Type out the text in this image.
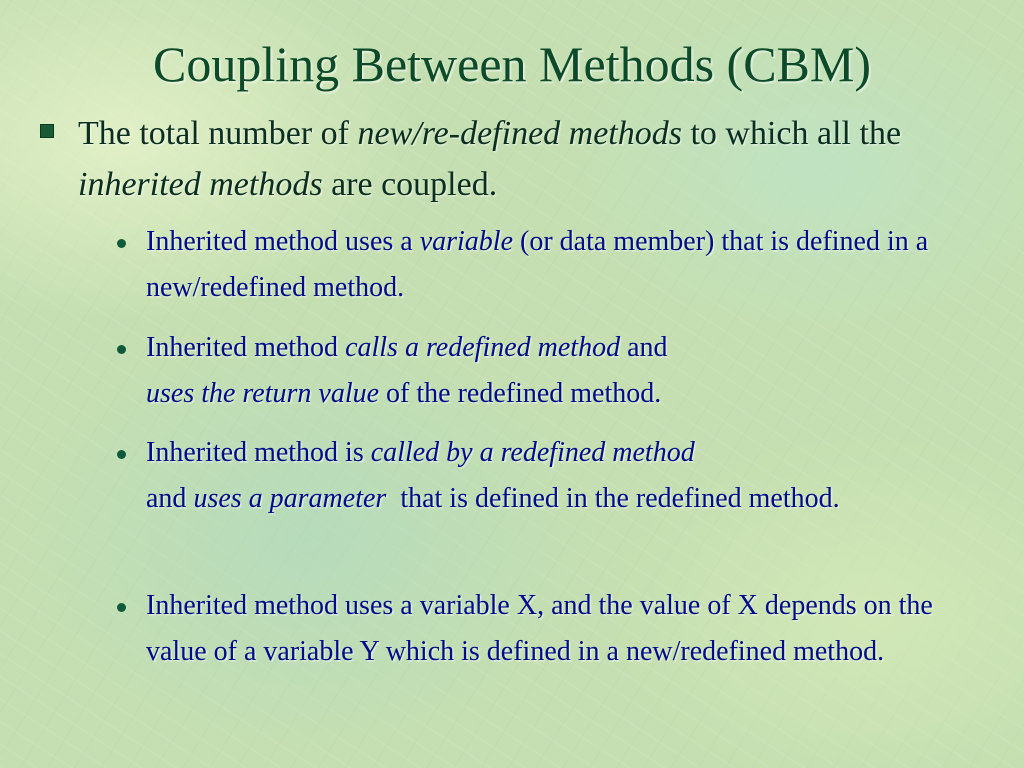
Coupling Between Methods (CBM)
The total number of new/re-defined methods to which all the inherited methods are coupled.
Inherited method uses a variable (or data member) that is defined in a new/redefined method.
Inherited method calls a redefined method and
uses the return value of the redefined method.
Inherited method is called by a redefined method
and uses a parameter  that is defined in the redefined method.
Inherited method uses a variable X, and the value of X depends on the value of a variable Y which is defined in a new/redefined method.
